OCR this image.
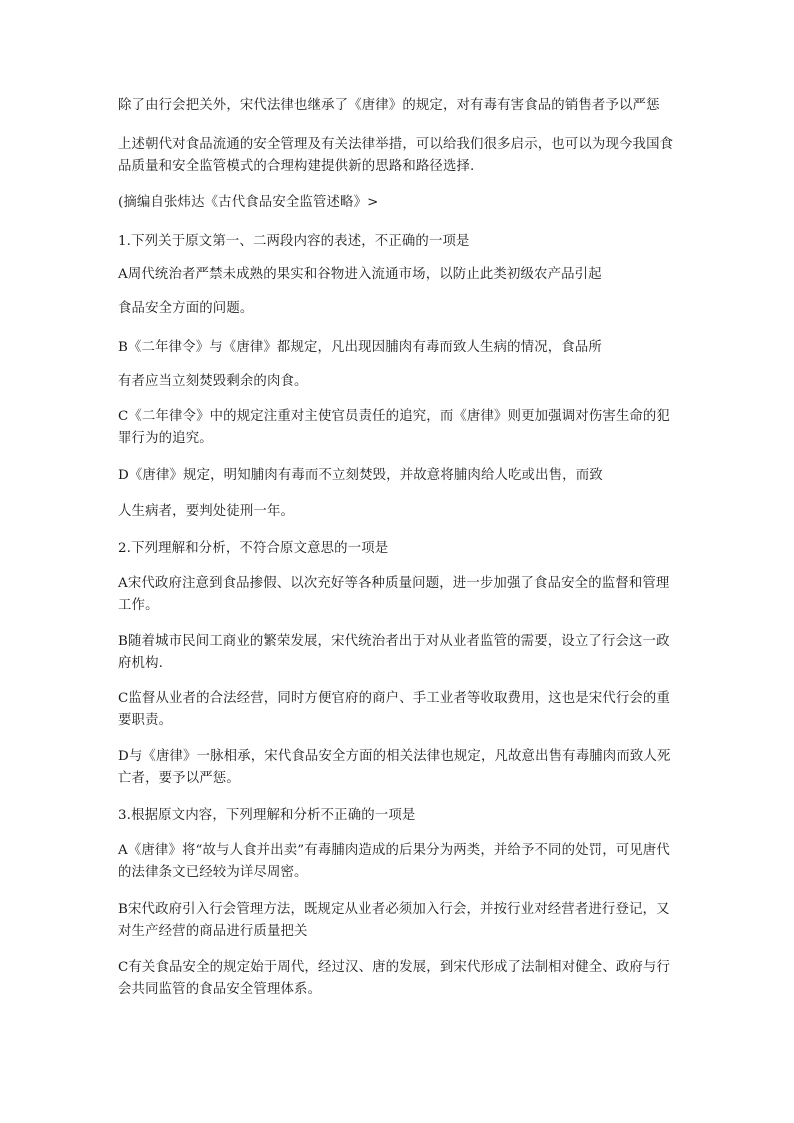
除了由行会把关外，宋代法律也继承了《唐律》的规定，对有毒有害食品的销售者予以严惩
上述朝代对食品流通的安全管理及有关法律举措，可以给我们很多启示，也可以为现今我国食品质量和安全监管模式的合理构建提供新的思路和路径选择.
(摘编自张炜达《古代食品安全监管述略》>
1.下列关于原文第一、二两段内容的表述，不正确的一项是
A周代统治者严禁未成熟的果实和谷物进入流通市场，以防止此类初级农产品引起
食品安全方面的问题。
B《二年律令》与《唐律》都规定，凡出现因脯肉有毒而致人生病的情况，食品所
有者应当立刻焚毁剩余的肉食。
C《二年律令》中的规定注重对主使官员责任的追究，而《唐律》则更加强调对伤害生命的犯罪行为的追究。
D《唐律》规定，明知脯肉有毒而不立刻焚毁，并故意将脯肉给人吃或出售，而致
人生病者，要判处徒刑一年。
2.下列理解和分析，不符合原文意思的一项是
A宋代政府注意到食品掺假、以次充好等各种质量问题，进一步加强了食品安全的监督和管理工作。
B随着城市民间工商业的繁荣发展，宋代统治者出于对从业者监管的需要，设立了行会这一政府机构.
C监督从业者的合法经营，同时方便官府的商户、手工业者等收取费用，这也是宋代行会的重要职责。
D与《唐律》一脉相承，宋代食品安全方面的相关法律也规定，凡故意出售有毒脯肉而致人死亡者，要予以严惩。
3.根据原文内容，下列理解和分析不正确的一项是
A《唐律》将“故与人食并出卖”有毒脯肉造成的后果分为两类，并给予不同的处罚，可见唐代的法律条文已经较为详尽周密。
B宋代政府引入行会管理方法，既规定从业者必须加入行会，并按行业对经营者进行登记，又对生产经营的商品进行质量把关
C有关食品安全的规定始于周代，经过汉、唐的发展，到宋代形成了法制相对健全、政府与行会共同监管的食品安全管理体系。
